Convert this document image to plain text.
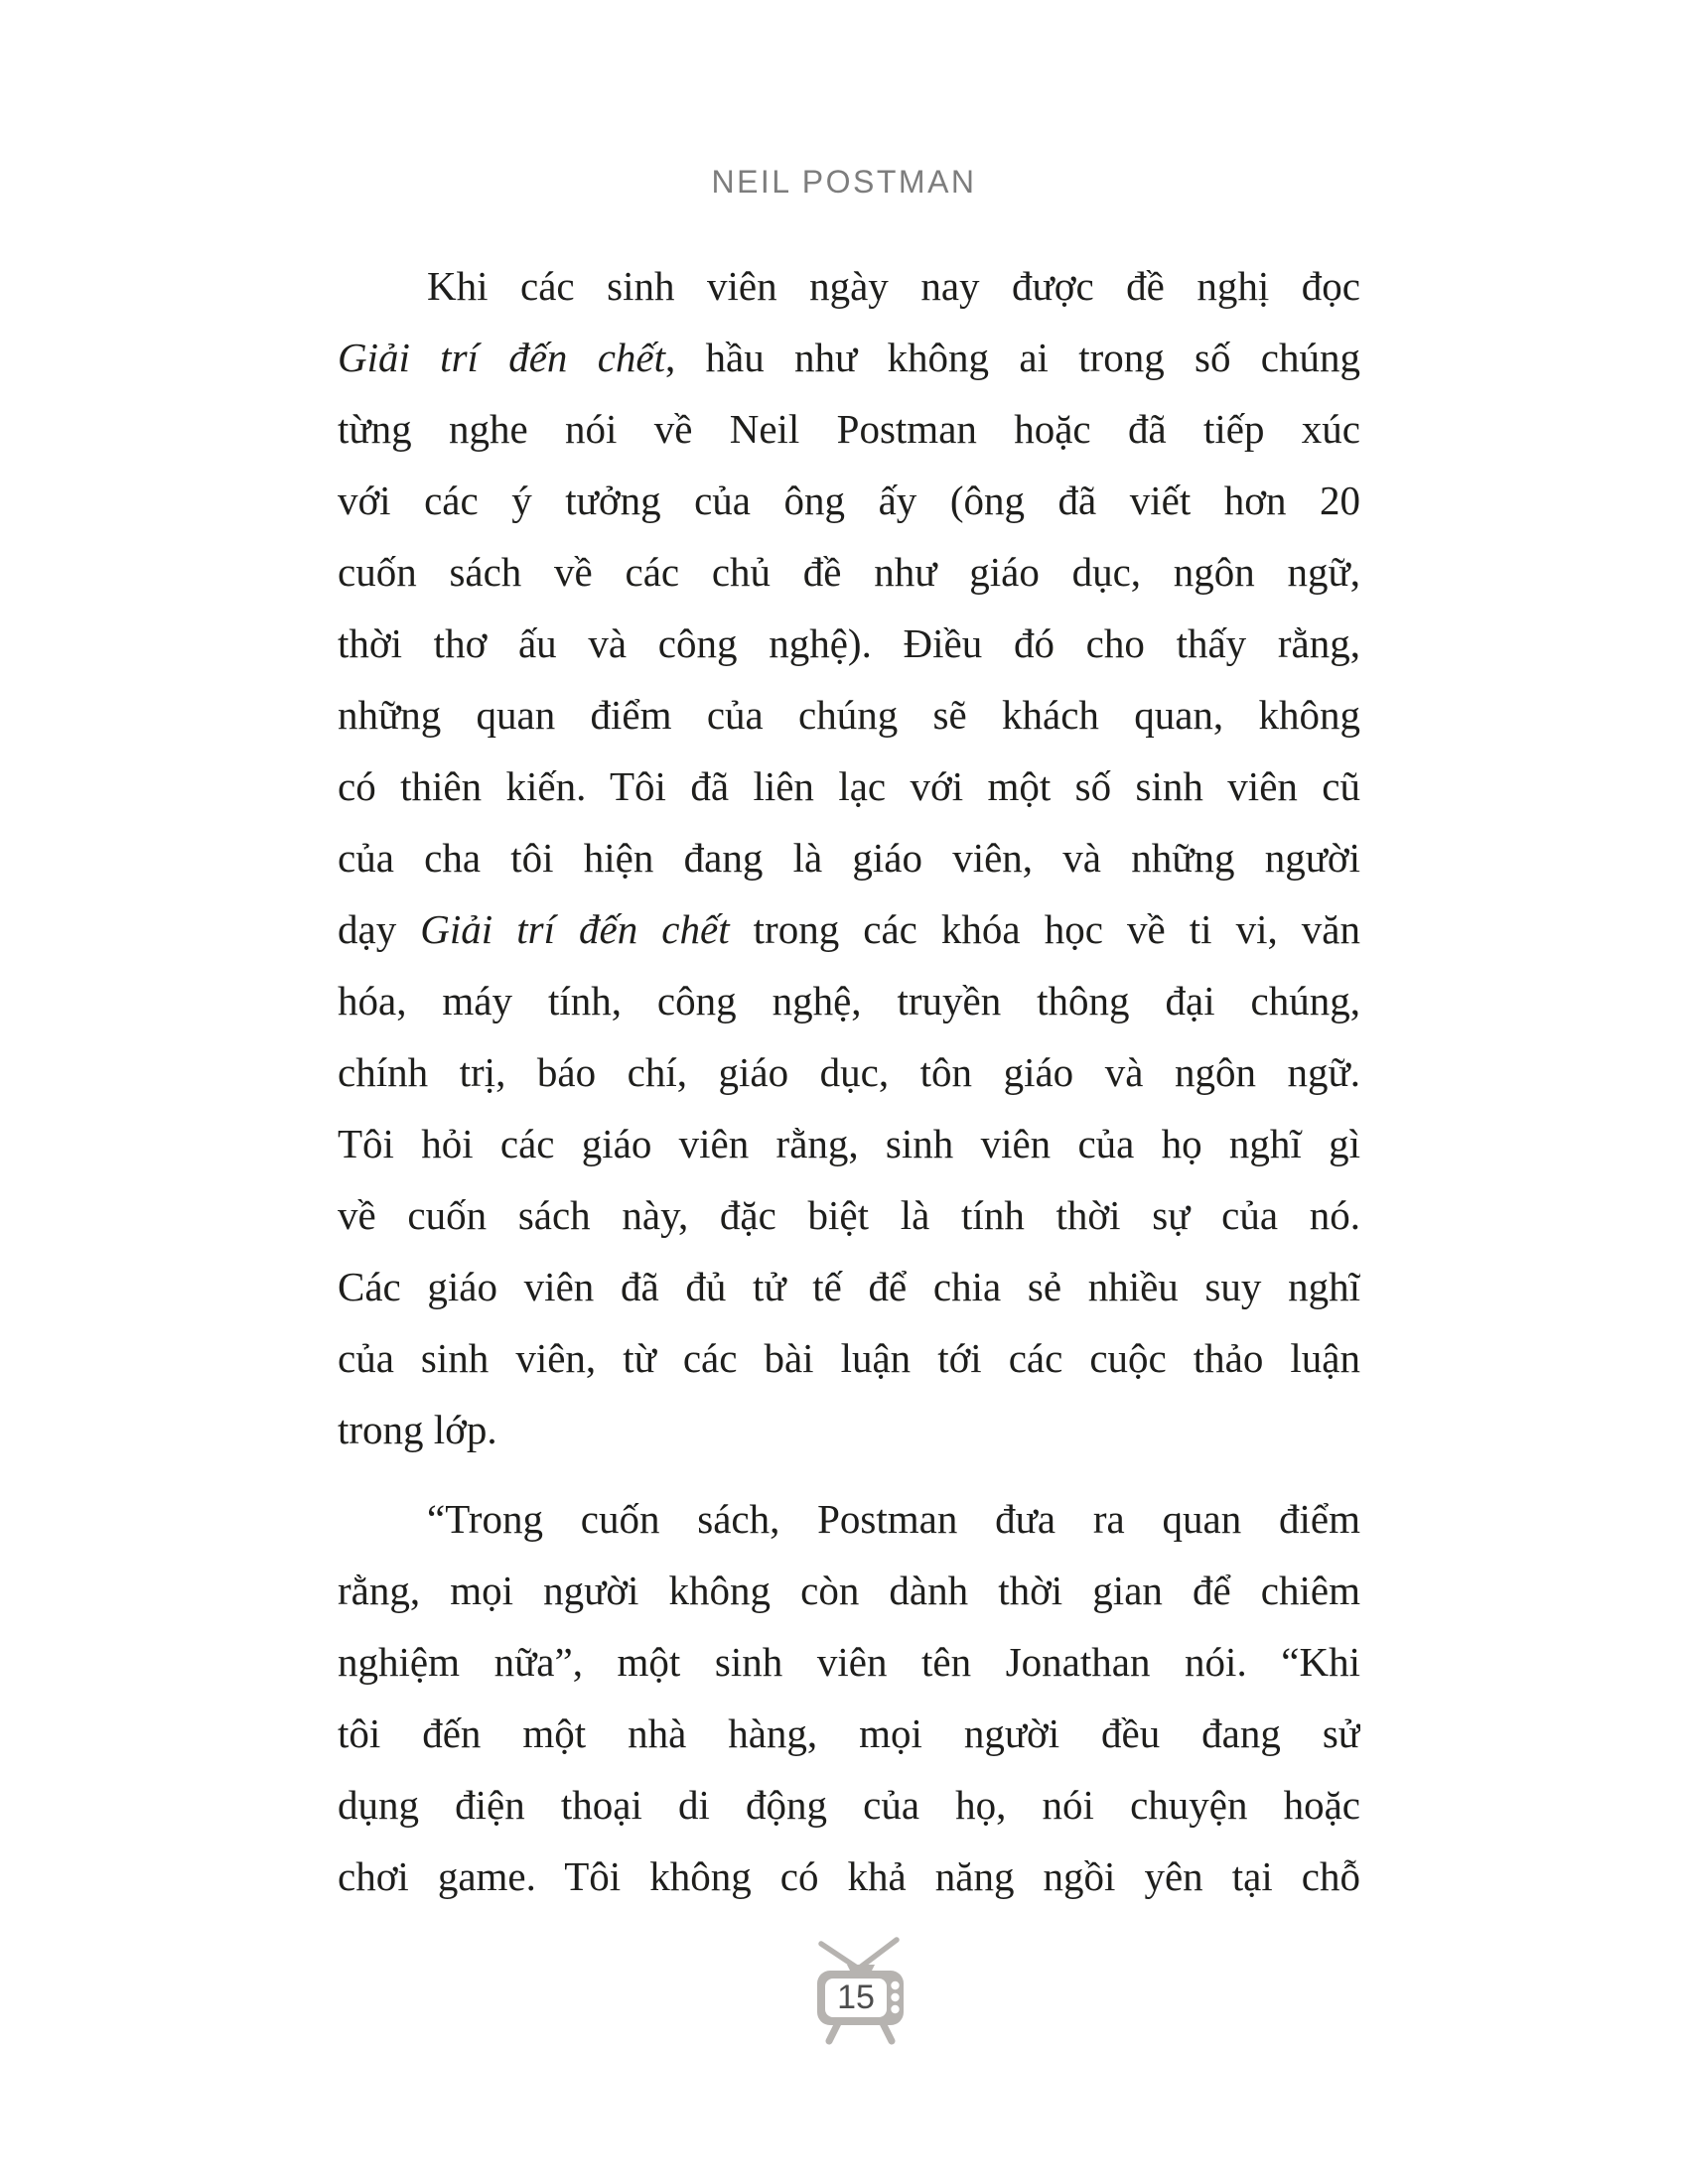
NEIL POSTMAN
Khi các sinh viên ngày nay được đề nghị đọc
Giải trí đến chết, hầu như không ai trong số chúng
từng nghe nói về Neil Postman hoặc đã tiếp xúc
với các ý tưởng của ông ấy (ông đã viết hơn 20
cuốn sách về các chủ đề như giáo dục, ngôn ngữ,
thời thơ ấu và công nghệ). Điều đó cho thấy rằng,
những quan điểm của chúng sẽ khách quan, không
có thiên kiến. Tôi đã liên lạc với một số sinh viên cũ
của cha tôi hiện đang là giáo viên, và những người
dạy Giải trí đến chết trong các khóa học về ti vi, văn
hóa, máy tính, công nghệ, truyền thông đại chúng,
chính trị, báo chí, giáo dục, tôn giáo và ngôn ngữ.
Tôi hỏi các giáo viên rằng, sinh viên của họ nghĩ gì
về cuốn sách này, đặc biệt là tính thời sự của nó.
Các giáo viên đã đủ tử tế để chia sẻ nhiều suy nghĩ
của sinh viên, từ các bài luận tới các cuộc thảo luận
trong lớp.
“Trong cuốn sách, Postman đưa ra quan điểm
rằng, mọi người không còn dành thời gian để chiêm
nghiệm nữa”, một sinh viên tên Jonathan nói. “Khi
tôi đến một nhà hàng, mọi người đều đang sử
dụng điện thoại di động của họ, nói chuyện hoặc
chơi game. Tôi không có khả năng ngồi yên tại chỗ
15
